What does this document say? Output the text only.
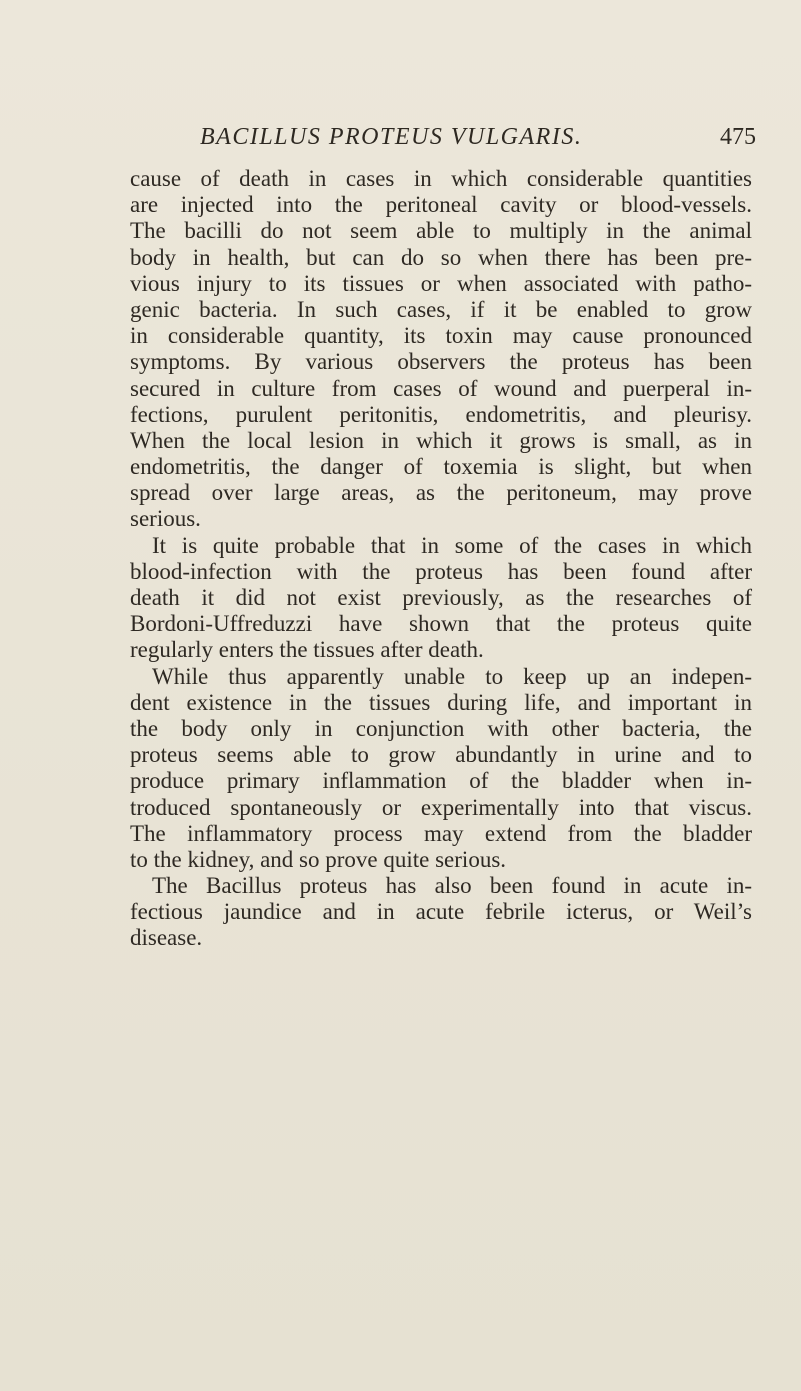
BACILLUS PROTEUS VULGARIS.	475
cause of death in cases in which considerable quantities
are injected into the peritoneal cavity or blood-vessels.
The bacilli do not seem able to multiply in the animal
body in health, but can do so when there has been pre-
vious injury to its tissues or when associated with patho-
genic bacteria. In such cases, if it be enabled to grow
in considerable quantity, its toxin may cause pronounced
symptoms. By various observers the proteus has been
secured in culture from cases of wound and puerperal in-
fections, purulent peritonitis, endometritis, and pleurisy.
When the local lesion in which it grows is small, as in
endometritis, the danger of toxemia is slight, but when
spread over large areas, as the peritoneum, may prove
serious.
It is quite probable that in some of the cases in which
blood-infection with the proteus has been found after
death it did not exist previously, as the researches of
Bordoni-Uffreduzzi have shown that the proteus quite
regularly enters the tissues after death.
While thus apparently unable to keep up an indepen-
dent existence in the tissues during life, and important in
the body only in conjunction with other bacteria, the
proteus seems able to grow abundantly in urine and to
produce primary inflammation of the bladder when in-
troduced spontaneously or experimentally into that viscus.
The inflammatory process may extend from the bladder
to the kidney, and so prove quite serious.
The Bacillus proteus has also been found in acute in-
fectious jaundice and in acute febrile icterus, or Weil’s
disease.
